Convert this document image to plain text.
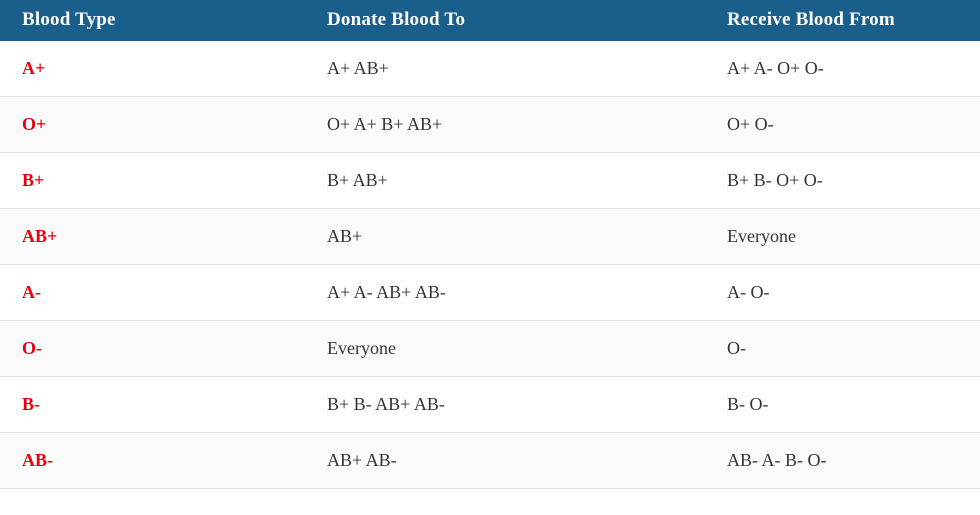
Blood Type	Donate Blood To	Receive Blood From
A+	A+ AB+	A+ A- O+ O-
O+	O+ A+ B+ AB+	O+ O-
B+	B+ AB+	B+ B- O+ O-
AB+	AB+	Everyone
A-	A+ A- AB+ AB-	A- O-
O-	Everyone	O-
B-	B+ B- AB+ AB-	B- O-
AB-	AB+ AB-	AB- A- B- O-
